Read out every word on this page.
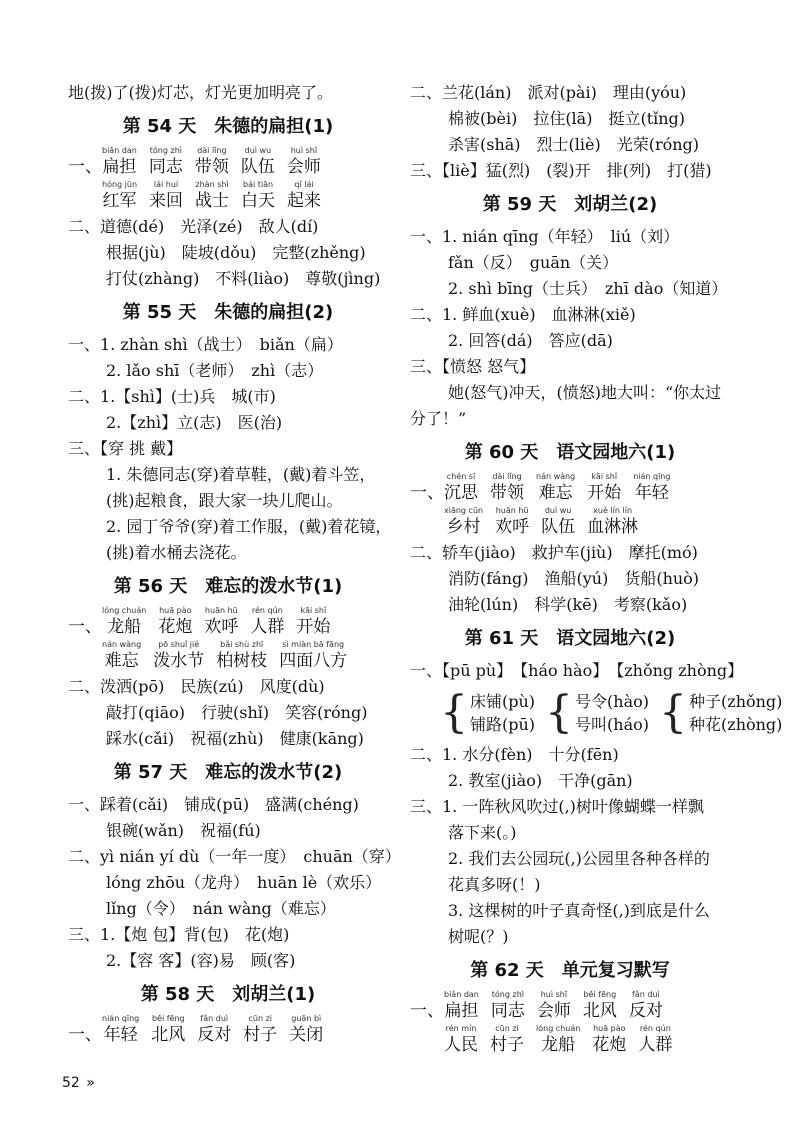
地(拨)了(拨)灯芯，灯光更加明亮了。
第 54 天　朱德的扁担(1)
一、
biǎn dan
扁担
tóng zhì
同志
dài lǐng
带领
duì wu
队伍
huì shī
会师
hóng jūn
红军
lái huí
来回
zhàn shì
战士
bái tiān
白天
qǐ lái
起来
二、道德(dé)　光泽(zé)　敌人(dí)
根据(jù)　陡坡(dǒu)　完整(zhěng)
打仗(zhàng)　不料(liào)　尊敬(jìng)
第 55 天　朱德的扁担(2)
一、1. zhàn shì（战士）　biǎn（扁）
2. lǎo shī（老师）　zhì（志）
二、1.【shì】(士)兵　城(市)
2.【zhì】立(志)　医(治)
三、【穿 挑 戴】
1. 朱德同志(穿)着草鞋，(戴)着斗笠，
(挑)起粮食，跟大家一块儿爬山。
2. 园丁爷爷(穿)着工作服，(戴)着花镜，
(挑)着水桶去浇花。
第 56 天　难忘的泼水节(1)
一、
lóng chuán
龙船
huā pào
花炮
huān hū
欢呼
rén qún
人群
kāi shǐ
开始
nán wàng
难忘
pō shuǐ jié
泼水节
bǎi shù zhī
柏树枝
sì miàn bā fāng
四面八方
二、泼洒(pō)　民族(zú)　风度(dù)
敲打(qiāo)　行驶(shǐ)　笑容(róng)
踩水(cǎi)　祝福(zhù)　健康(kāng)
第 57 天　难忘的泼水节(2)
一、踩着(cǎi)　铺成(pū)　盛满(chéng)
银碗(wǎn)　祝福(fú)
二、yì nián yí dù（一年一度）　chuān（穿）
lóng zhōu（龙舟）　huān lè（欢乐）
lǐng（令）　nán wàng（难忘）
三、1.【炮 包】背(包)　花(炮)
2.【容 客】(容)易　顾(客)
第 58 天　刘胡兰(1)
一、
nián qīng
年轻
běi fēng
北风
fǎn duì
反对
cūn zi
村子
guān bì
关闭
二、兰花(lán)　派对(pài)　理由(yóu)
棉被(bèi)　拉住(lā)　挺立(tǐng)
杀害(shā)　烈士(liè)　光荣(róng)
三、【liè】猛(烈)　(裂)开　排(列)　打(猎)
第 59 天　刘胡兰(2)
一、1. nián qīng（年轻）　liú（刘）
fǎn（反）　guān（关）
2. shì bīng（士兵）　zhī dào（知道）
二、1. 鲜血(xuè)　血淋淋(xiě)
2. 回答(dá)　答应(dā)
三、【愤怒 怒气】
她(怒气)冲天，(愤怒)地大叫：“你太过
分了！”
第 60 天　语文园地六(1)
一、
chén sī
沉思
dài lǐng
带领
nán wàng
难忘
kāi shǐ
开始
nián qīng
年轻
xiāng cūn
乡村
huān hū
欢呼
duì wu
队伍
xuè lín lín
血淋淋
二、轿车(jiào)　救护车(jiù)　摩托(mó)
消防(fáng)　渔船(yú)　货船(huò)
油轮(lún)　科学(kē)　考察(kǎo)
第 61 天　语文园地六(2)
一、【pū pù】　【háo hào】　【zhǒng zhòng】
{ 床铺(pù)
铺路(pū) { 号令(hào)
号叫(háo) { 种子(zhǒng)
种花(zhòng)
二、1. 水分(fèn)　十分(fēn)
2. 教室(jiào)　干净(gān)
三、1. 一阵秋风吹过(,)树叶像蝴蝶一样飘
落下来(。)
2. 我们去公园玩(,)公园里各种各样的
花真多呀(！)
3. 这棵树的叶子真奇怪(,)到底是什么
树呢(？)
第 62 天　单元复习默写
一、
biǎn dan
扁担
tóng zhì
同志
huì shī
会师
běi fēng
北风
fǎn duì
反对
rén mín
人民
cūn zi
村子
lóng chuán
龙船
huā pào
花炮
rén qún
人群
52 »
